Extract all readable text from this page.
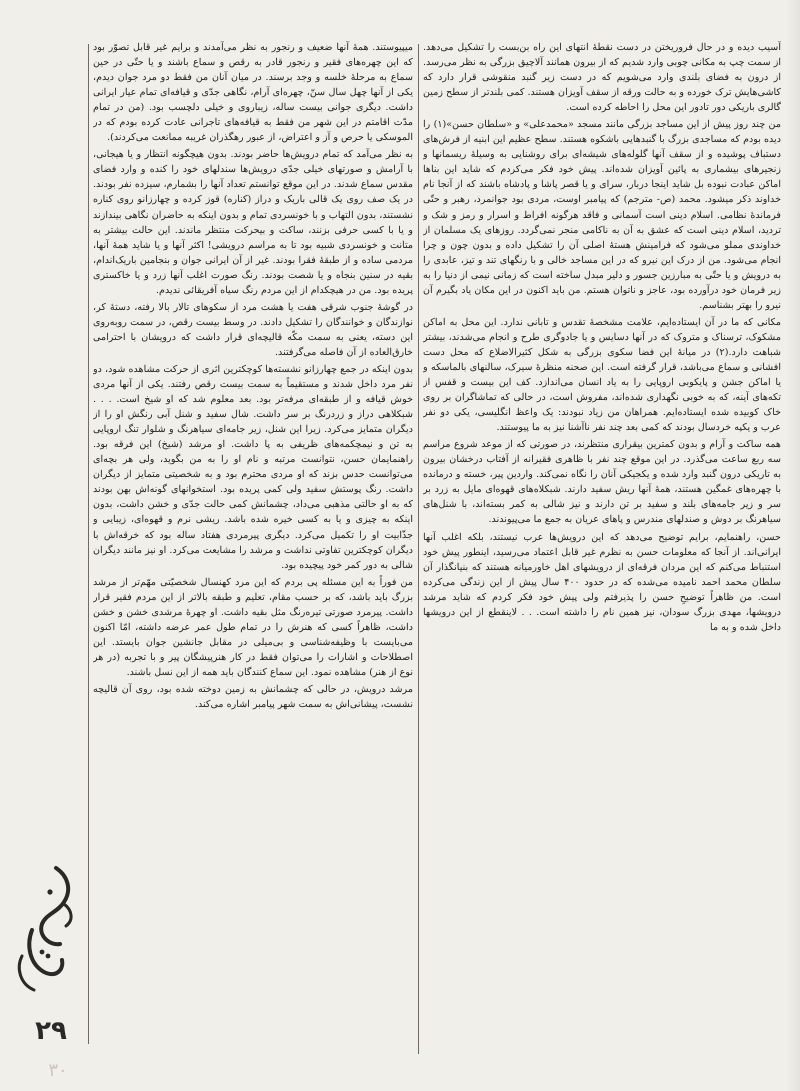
آسیب دیده و در حال فروریختن در دست نقطهٔ انتهای این راه بن‌بست را تشکیل می‌دهد. از سمت چپ به مکانی چوبی وارد شدیم که از بیرون همانند آلاچیق بزرگی به نظر می‌رسد. از درون به فضای بلندی وارد می‌شویم که در دست زیر گنبد منقوشی قرار دارد که کاشی‌هایش ترک خورده و به حالت ورقه از سقف آویزان هستند. کمی بلندتر از سطح زمین گالری باریکی دور تادور این محل را احاطه کرده است.

من چند روز پیش از این مساجد بزرگی مانند مسجد «محمدعلی» و «سلطان حسن»(۱) را دیده بودم که مساجدی بزرگ با گنبدهایی باشکوه هستند. سطح عظیم این ابنیه از فرش‌های دستباف پوشیده و از سقف آنها گلوله‌های شیشه‌ای برای روشنایی به وسیلهٔ ریسمانها و زنجیرهای بیشماری به پائین آویزان شده‌اند. پیش خود فکر می‌کردم که شاید این بناها اماکن عبادت نبوده بل شاید اینجا دربار، سرای و یا قصر پاشا و پادشاه باشند که از آنجا نام خداوند ذکر میشود. محمد (ص- مترجم) که پیامبر اوست، مردی بود جوانمرد، رهبر و حتّی فرماندهٔ نظامی. اسلام دینی است آسمانی و فاقد هرگونه افراط و اسرار و رمز و شک و تردید، اسلام دینی است که عشق به آن به ناکامی منجر نمی‌گردد. روزهای یک مسلمان از خداوندی مملو می‌شود که فرامینش هستهٔ اصلی آن را تشکیل داده و بدون چون و چرا انجام می‌شود. من از درک این نیرو که در این مساجد خالی و با رنگهای تند و تیز، عابدی را به درویش و یا حتّی به مبارزین جسور و دلیر مبدل ساخته است که زمانی نیمی از دنیا را به زیر فرمان خود درآورده بود، عاجز و ناتوان هستم. من باید اکنون در این مکان یاد بگیرم آن نیرو را بهتر بشناسم.

مکانی که ما در آن ایستاده‌ایم، علامت مشخصهٔ تقدس و تابانی ندارد. این محل به اماکن مشکوک، ترسناک و متروک که در آنها دسایس و یا جادوگری طرح و انجام می‌شدند، بیشتر شباهت دارد.(۲) در میانهٔ این فضا سکوی بزرگی به شکل کثیرالاضلاع که محل دست افشانی و سماع می‌باشد، قرار گرفته است. این صحنه منظرهٔ سیرک، سالنهای بالماسکه و یا اماکن جشن و پایکوبی اروپایی را به یاد انسان می‌اندازد. کف این بیست و قفس از تکه‌های آینه، که به خوبی نگهداری شده‌اند، مفروش است، در حالی که تماشاگران بر روی خاک کوبیده شده ایستاده‌ایم. همراهان من زیاد نبودند: یک واعظ انگلیسی، یکی دو نفر عرب و یکپه خردسال بودند که کمی بعد چند نفر ناآشنا نیز به ما پیوستند.

همه ساکت و آرام و بدون کمترین بیقراری منتظرند، در صورتی که از موعد شروع مراسم سه ربع ساعت می‌گذرد. در این موقع چند نفر با ظاهری فقیرانه از آفتاب درخشان بیرون به تاریکی درون گنبد وارد شده و یکجیکی آنان را نگاه نمی‌کند. واردین پیر، خسته و درمانده با چهره‌های غمگین هستند، همهٔ آنها ریش سفید دارند. شبکلاه‌های قهوه‌ای مایل به زرد بر سر و زیر جامه‌های بلند و سفید بر تن دارند و نیز شالی به کمر بسته‌اند، با شنل‌های سیاهرنگ بر دوش و صندلهای مندرس و پاهای عریان به جمع ما می‌پیوندند.

حسن، راهنمایم، برایم توضیح می‌دهد که این درویش‌ها عرب نیستند، بلکه اغلب آنها ایرانی‌اند. از آنجا که معلومات حسن به نظرم غیر قابل اعتماد می‌رسید، اینطور پیش خود استنباط می‌کنم که این مردان فرقه‌ای از درویشهای اهل خاورمیانه هستند که بنیانگذار آن سلطان محمد احمد نامیده می‌شده که در حدود ۴۰۰ سال پیش از این زندگی می‌کرده است. من ظاهراً توضیحِ حسن را پذیرفتم ولی پیش خود فکر کردم که شاید مرشد درویشها، مهدی بزرگ سودان، نیز همین نام را داشته است. . . لاینقطع از این درویشها داخل شده و به ما

میپیوستند. همهٔ آنها ضعیف و رنجور به نظر می‌آمدند و برایم غیر قابل تصوّر بود که این چهره‌های فقیر و رنجور قادر به رقص و سماع باشند و یا حتّی در حین سماع به مرحلهٔ خلسه و وجد برسند. در میان آنان من فقط دو مرد جوان دیدم، یکی از آنها چهل سال سنّ، چهره‌ای آرام، نگاهی جدّی و قیافه‌ای تمام عیار ایرانی داشت. دیگری جوانی بیست ساله، زیباروی و خیلی دلچسب بود. (من در تمام مدّت اقامتم در این شهر من فقط به قیافه‌های تاجرانی عادت کرده بودم که در الموسکی یا حرص و آز و اعتراض، از عبور رهگذران غریبه ممانعت می‌کردند).

به نظر می‌آمد که تمام درویش‌ها حاضر بودند. بدون هیچگونه انتظار و یا هیجانی، با آرامش و صورتهای خیلی جدّی درویش‌ها سندلهای خود را کنده و وارد فضای مقدس سماع شدند. در این موقع توانستم تعداد آنها را بشمارم، سیزده نفر بودند. در یک صف روی یک قالی باریک و دراز (کناره) قوز کرده و چهارزانو روی کناره نشستند، بدون التهاب و با خونسردی تمام و بدون اینکه به حاضران نگاهی بیندازند و یا با کسی حرفی بزنند، ساکت و بیحرکت منتظر ماندند. این حالت بیشتر به متانت و خونسردی شبیه بود تا به مراسم درویشی! اکثر آنها و یا شاید همهٔ آنها، مردمی ساده و از طبقهٔ فقرا بودند. غیر از آن ایرانی جوان و بنجامین باریک‌اندام، بقیه در سنین بنجاه و یا شصت بودند. رنگ صورت اغلب آنها زرد و یا خاکستری پریده بود. من در هیچکدام از این مردم رنگ سیاه آفریقائی ندیدم.

در گوشهٔ جنوب شرقی هفت یا هشت مرد از سکوهای تالار بالا رفته، دستهٔ کر، نوازندگان و خوانندگان را تشکیل دادند. در وسط بیست رقص، در سمت روبه‌روی این دسته، یعنی به سمت مکّه قالیچه‌ای قرار داشت که درویشان با احترامی خارق‌العاده از آن فاصله می‌گرفتند.

بدون اینکه در جمع چهارزانو نشسته‌ها کوچکترین اثری از حرکت مشاهده شود، دو نفر مرد داخل شدند و مستقیماً به سمت بیست رقص رفتند. یکی از آنها مردی خوش قیافه و از طبقه‌ای مرفه‌تر بود. بعد معلوم شد که او شیخ است. . . . شبکلاهی دراز و زردرنگ بر سر داشت. شال سفید و شنل آبی رنگش او را از دیگران متمایز می‌کرد. زیرا این شنل، زیر جامه‌ای سیاهرنگ و شلوار تنگ اروپایی به تن و نیمچکمه‌های ظریفی به پا داشت. او مرشد (شیخ) این فرقه بود. راهنمایمان حسن، نتوانست مرتبه و نام او را به من بگوید، ولی هر بچه‌ای می‌توانست حدس بزند که او مردی محترم بود و به شخصیتی متمایز از دیگران داشت. رنگ پوستش سفید ولی کمی پریده بود. استخوانهای گونه‌اش بهن بودند که به او حالتی مذهبی می‌داد، چشمانش کمی حالت جدّی و خشن داشت، بدون اینکه به چیزی و یا به کسی خیره شده باشد. ریشی نرم و قهوه‌ای، زیبایی و جذّابیت او را تکمیل می‌کرد. دیگری پیرمردی هفتاد ساله بود که خرقه‌اش با دیگران کوچکترین تفاوتی نداشت و مرشد را مشایعت می‌کرد. او نیز مانند دیگران شالی به دور کمر خود پیچیده بود.

من فوراً به این مسئله پی بردم که این مرد کهنسال شخصیّتی مهّم‌تر از مرشد بزرگ باید باشد، که بر حسب مقام، تعلیم و طبقه بالاتر از این مردم فقیر قرار داشت. پیرمرد صورتی تیره‌رنگ مثل بقیه داشت. او چهرهٔ مرشدی خشن و خشن داشت، ظاهراً کسی که هنرش را در تمام طول عمر عرضه داشته، امّا اکنون می‌بایست با وظیفه‌شناسی و بی‌میلی در مقابل جانشین جوان بایستد. این اصطلاحات و اشارات را می‌توان فقط در کار هنرپیشگان پیر و با تجربه (در هر نوع از هنر) مشاهده نمود. این سماع کنندگان باید همه از این نسل باشند.

مرشد درویش، در حالی که چشمانش به زمین دوخته شده بود، روی آن قالیچه نشست، پیشانی‌اش به سمت شهر پیامبر اشاره می‌کند.

۲۹
۳۰
